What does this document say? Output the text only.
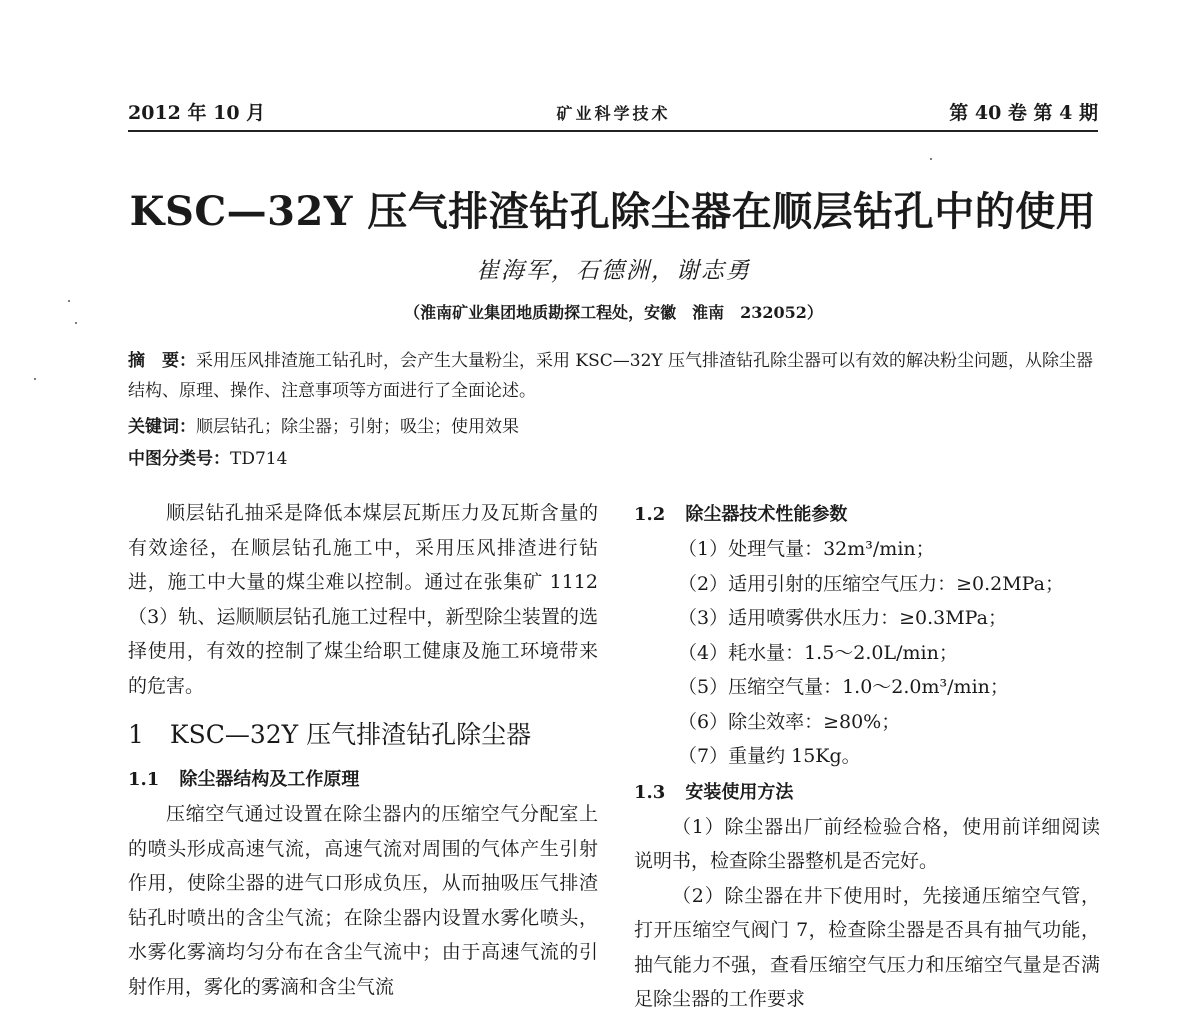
2012 年 10 月	矿业科学技术	第 40 卷 第 4 期
KSC—32Y 压气排渣钻孔除尘器在顺层钻孔中的使用
崔海军，石德洲，谢志勇
（淮南矿业集团地质勘探工程处，安徽　淮南　232052）
摘　要：采用压风排渣施工钻孔时，会产生大量粉尘，采用 KSC—32Y 压气排渣钻孔除尘器可以有效的解决粉尘问题，从除尘器结构、原理、操作、注意事项等方面进行了全面论述。
关键词：顺层钻孔；除尘器；引射；吸尘；使用效果
中图分类号：TD714

顺层钻孔抽采是降低本煤层瓦斯压力及瓦斯含量的有效途径，在顺层钻孔施工中，采用压风排渣进行钻进，施工中大量的煤尘难以控制。通过在张集矿 1112（3）轨、运顺顺层钻孔施工过程中，新型除尘装置的选择使用，有效的控制了煤尘给职工健康及施工环境带来的危害。

1 KSC—32Y 压气排渣钻孔除尘器
1.1 除尘器结构及工作原理

压缩空气通过设置在除尘器内的压缩空气分配室上的喷头形成高速气流，高速气流对周围的气体产生引射作用，使除尘器的进气口形成负压，从而抽吸压气排渣钻孔时喷出的含尘气流；在除尘器内设置水雾化喷头，水雾化雾滴均匀分布在含尘气流中；由于高速气流的引射作用，雾化的雾滴和含尘气流

1.2 除尘器技术性能参数

（1）处理气量：32m³/min；

（2）适用引射的压缩空气压力：≥0.2MPa；

（3）适用喷雾供水压力：≥0.3MPa；

（4）耗水量：1.5～2.0L/min；

（5）压缩空气量：1.0～2.0m³/min；

（6）除尘效率：≥80%；

（7）重量约 15Kg。

1.3 安装使用方法

（1）除尘器出厂前经检验合格，使用前详细阅读说明书，检查除尘器整机是否完好。

（2）除尘器在井下使用时，先接通压缩空气管，打开压缩空气阀门 7，检查除尘器是否具有抽气功能，抽气能力不强，查看压缩空气压力和压缩空气量是否满足除尘器的工作要求
